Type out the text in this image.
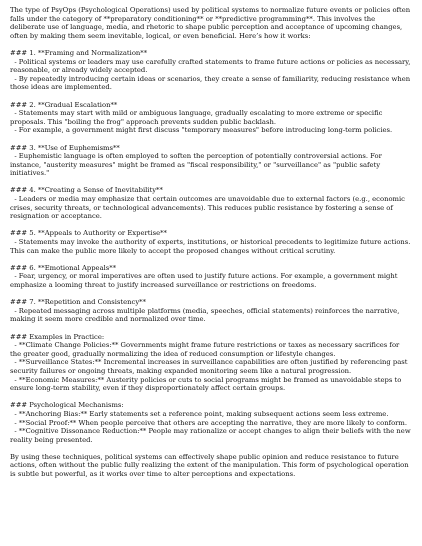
The type of PsyOps (Psychological Operations) used by political systems to normalize future events or policies often falls under the category of **preparatory conditioning** or **predictive programming**. This involves the deliberate use of language, media, and rhetoric to shape public perception and acceptance of upcoming changes, often by making them seem inevitable, logical, or even beneficial. Here’s how it works:

### 1. **Framing and Normalization**

- Political systems or leaders may use carefully crafted statements to frame future actions or policies as necessary, reasonable, or already widely accepted.

- By repeatedly introducing certain ideas or scenarios, they create a sense of familiarity, reducing resistance when those ideas are implemented.

### 2. **Gradual Escalation**

- Statements may start with mild or ambiguous language, gradually escalating to more extreme or specific proposals. This "boiling the frog" approach prevents sudden public backlash.

- For example, a government might first discuss "temporary measures" before introducing long-term policies.

### 3. **Use of Euphemisms**

- Euphemistic language is often employed to soften the perception of potentially controversial actions. For instance, "austerity measures" might be framed as "fiscal responsibility," or "surveillance" as "public safety initiatives."

### 4. **Creating a Sense of Inevitability**

- Leaders or media may emphasize that certain outcomes are unavoidable due to external factors (e.g., economic crises, security threats, or technological advancements). This reduces public resistance by fostering a sense of resignation or acceptance.

### 5. **Appeals to Authority or Expertise**

- Statements may invoke the authority of experts, institutions, or historical precedents to legitimize future actions. This can make the public more likely to accept the proposed changes without critical scrutiny.

### 6. **Emotional Appeals**

- Fear, urgency, or moral imperatives are often used to justify future actions. For example, a government might emphasize a looming threat to justify increased surveillance or restrictions on freedoms.

### 7. **Repetition and Consistency**

- Repeated messaging across multiple platforms (media, speeches, official statements) reinforces the narrative, making it seem more credible and normalized over time.

### Examples in Practice:

- **Climate Change Policies:** Governments might frame future restrictions or taxes as necessary sacrifices for the greater good, gradually normalizing the idea of reduced consumption or lifestyle changes.

- **Surveillance States:** Incremental increases in surveillance capabilities are often justified by referencing past security failures or ongoing threats, making expanded monitoring seem like a natural progression.

- **Economic Measures:** Austerity policies or cuts to social programs might be framed as unavoidable steps to ensure long-term stability, even if they disproportionately affect certain groups.

### Psychological Mechanisms:

- **Anchoring Bias:** Early statements set a reference point, making subsequent actions seem less extreme.

- **Social Proof:** When people perceive that others are accepting the narrative, they are more likely to conform.

- **Cognitive Dissonance Reduction:** People may rationalize or accept changes to align their beliefs with the new reality being presented.

By using these techniques, political systems can effectively shape public opinion and reduce resistance to future actions, often without the public fully realizing the extent of the manipulation. This form of psychological operation is subtle but powerful, as it works over time to alter perceptions and expectations.
